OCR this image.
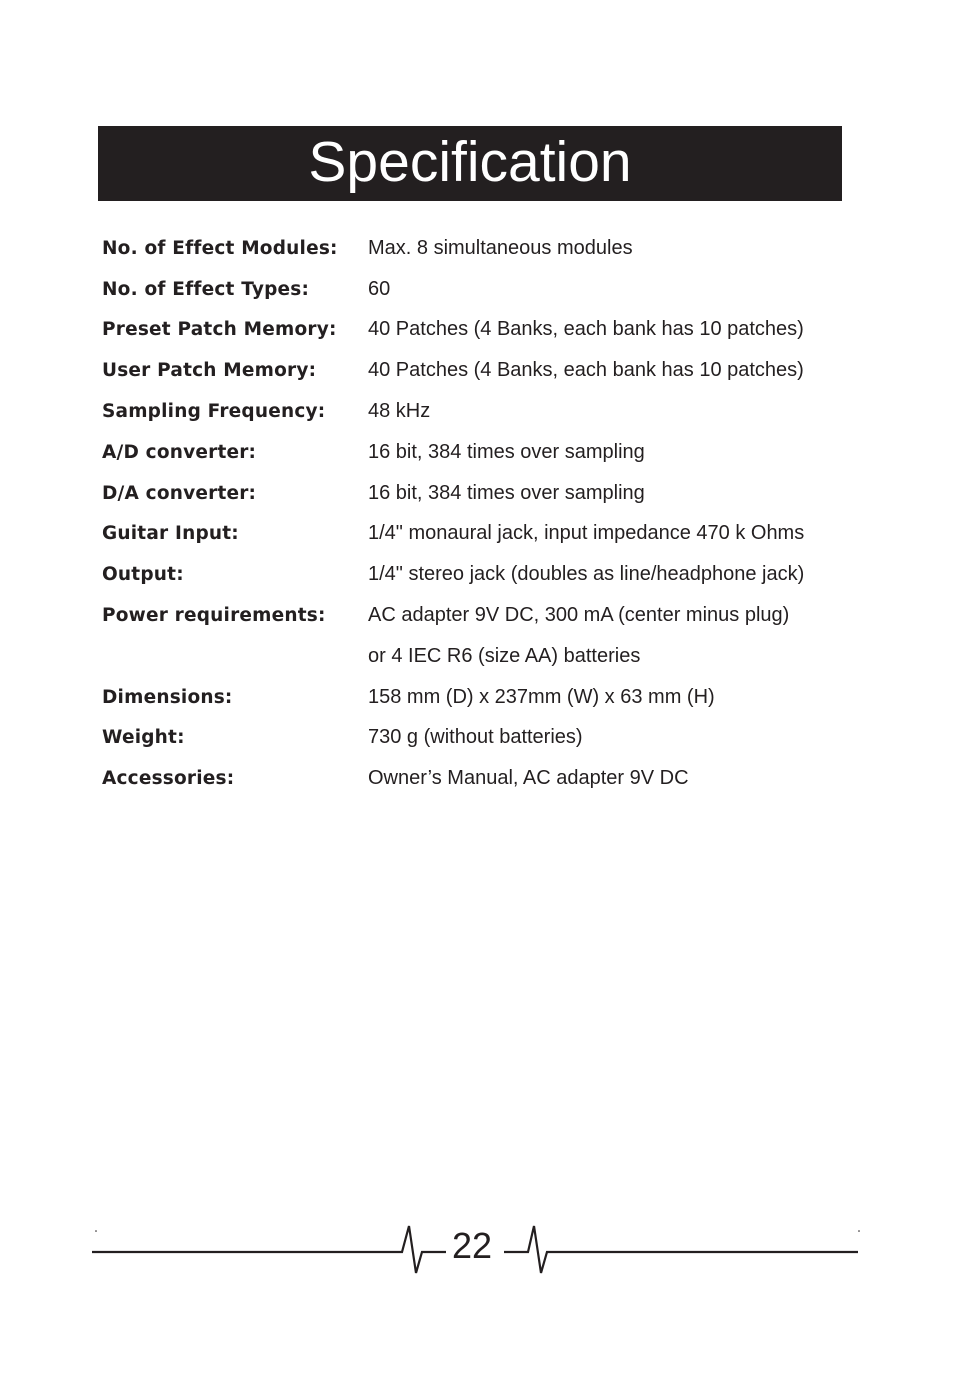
Specification
No. of Effect Modules:	Max. 8 simultaneous modules
No. of Effect Types:	60
Preset Patch Memory:	40 Patches (4 Banks, each bank has 10 patches)
User Patch Memory:	40 Patches (4 Banks, each bank has 10 patches)
Sampling Frequency:	48 kHz
A/D converter:	16 bit, 384 times over sampling
D/A converter:	16 bit, 384 times over sampling
Guitar Input:	1/4" monaural jack, input impedance 470 k Ohms
Output:	1/4" stereo jack (doubles as line/headphone jack)
Power requirements:	AC adapter 9V DC, 300 mA (center minus plug)
or 4 IEC R6 (size AA) batteries
Dimensions:	158 mm (D) x 237mm (W) x 63 mm (H)
Weight:	730 g (without batteries)
Accessories:	Owner’s Manual, AC adapter 9V DC
22
